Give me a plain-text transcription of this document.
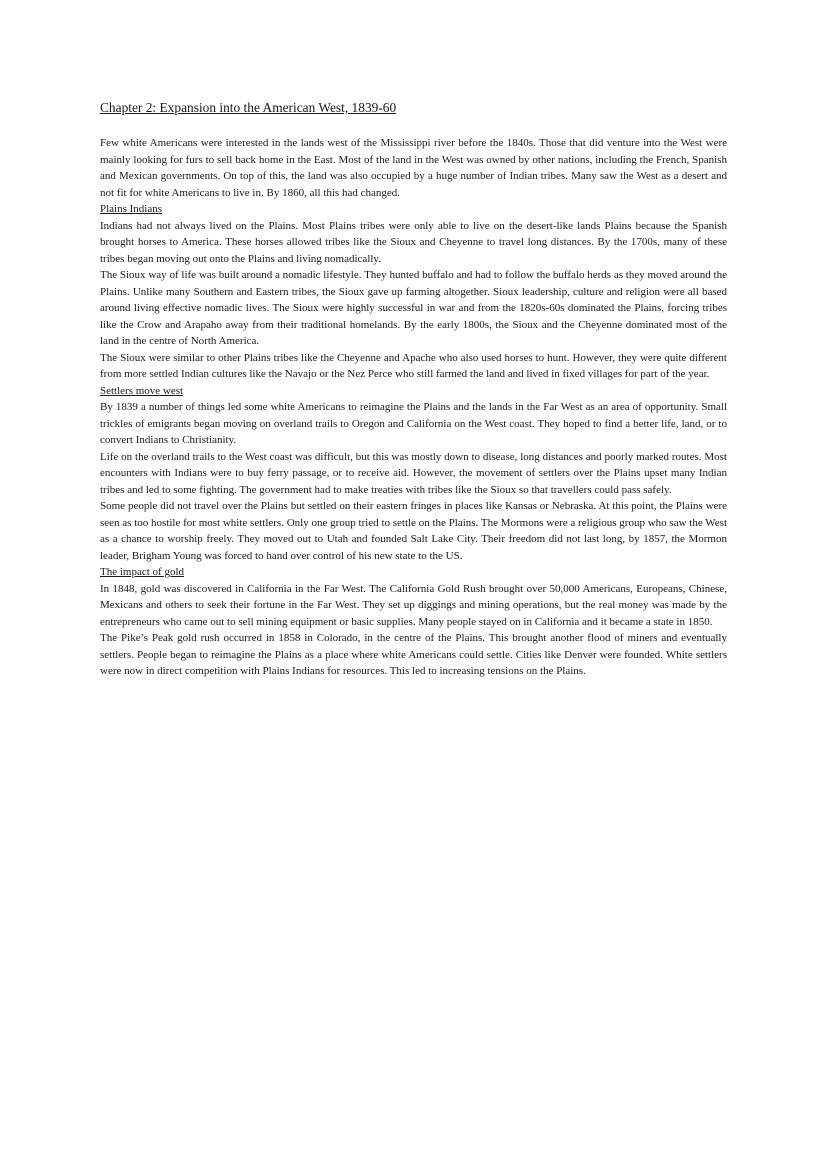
Chapter 2: Expansion into the American West, 1839-60

Few white Americans were interested in the lands west of the Mississippi river before the 1840s. Those that did venture into the West were mainly looking for furs to sell back home in the East. Most of the land in the West was owned by other nations, including the French, Spanish and Mexican governments. On top of this, the land was also occupied by a huge number of Indian tribes. Many saw the West as a desert and not fit for white Americans to live in. By 1860, all this had changed.

Plains Indians

Indians had not always lived on the Plains. Most Plains tribes were only able to live on the desert-like lands Plains because the Spanish brought horses to America. These horses allowed tribes like the Sioux and Cheyenne to travel long distances. By the 1700s, many of these tribes began moving out onto the Plains and living nomadically.

The Sioux way of life was built around a nomadic lifestyle. They hunted buffalo and had to follow the buffalo herds as they moved around the Plains. Unlike many Southern and Eastern tribes, the Sioux gave up farming altogether. Sioux leadership, culture and religion were all based around living effective nomadic lives. The Sioux were highly successful in war and from the 1820s-60s dominated the Plains, forcing tribes like the Crow and Arapaho away from their traditional homelands. By the early 1800s, the Sioux and the Cheyenne dominated most of the land in the centre of North America.

The Sioux were similar to other Plains tribes like the Cheyenne and Apache who also used horses to hunt. However, they were quite different from more settled Indian cultures like the Navajo or the Nez Perce who still farmed the land and lived in fixed villages for part of the year.

Settlers move west

By 1839 a number of things led some white Americans to reimagine the Plains and the lands in the Far West as an area of opportunity. Small trickles of emigrants began moving on overland trails to Oregon and California on the West coast. They hoped to find a better life, land, or to convert Indians to Christianity.

Life on the overland trails to the West coast was difficult, but this was mostly down to disease, long distances and poorly marked routes. Most encounters with Indians were to buy ferry passage, or to receive aid. However, the movement of settlers over the Plains upset many Indian tribes and led to some fighting. The government had to make treaties with tribes like the Sioux so that travellers could pass safely.

Some people did not travel over the Plains but settled on their eastern fringes in places like Kansas or Nebraska. At this point, the Plains were seen as too hostile for most white settlers. Only one group tried to settle on the Plains. The Mormons were a religious group who saw the West as a chance to worship freely. They moved out to Utah and founded Salt Lake City. Their freedom did not last long, by 1857, the Mormon leader, Brigham Young was forced to hand over control of his new state to the US.

The impact of gold

In 1848, gold was discovered in California in the Far West. The California Gold Rush brought over 50,000 Americans, Europeans, Chinese, Mexicans and others to seek their fortune in the Far West. They set up diggings and mining operations, but the real money was made by the entrepreneurs who came out to sell mining equipment or basic supplies. Many people stayed on in California and it became a state in 1850.

The Pike’s Peak gold rush occurred in 1858 in Colorado, in the centre of the Plains. This brought another flood of miners and eventually settlers. People began to reimagine the Plains as a place where white Americans could settle. Cities like Denver were founded. White settlers were now in direct competition with Plains Indians for resources. This led to increasing tensions on the Plains.
